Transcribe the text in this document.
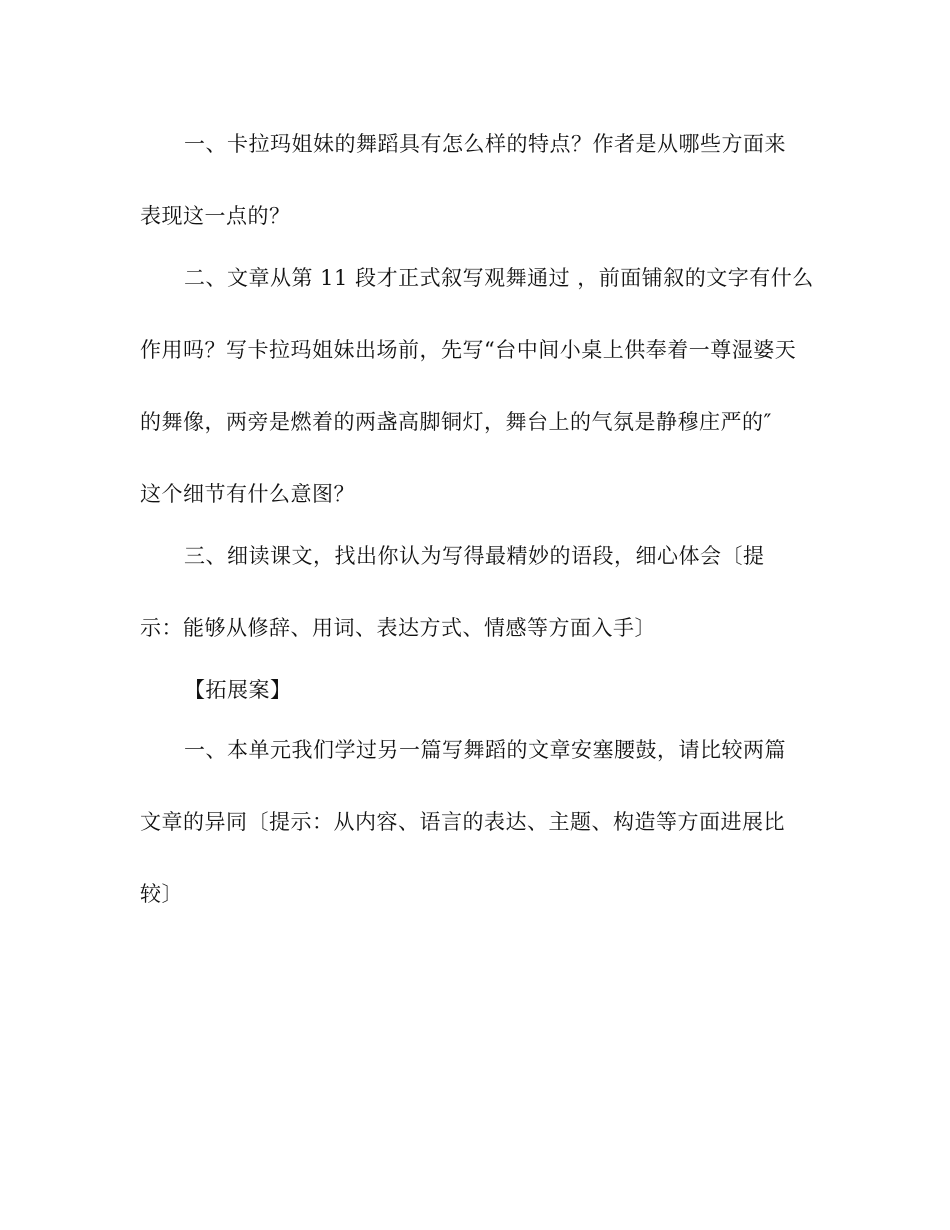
一、卡拉玛姐妹的舞蹈具有怎么样的特点？作者是从哪些方面来
表现这一点的？
二、文章从第 11 段才正式叙写观舞通过 ，前面铺叙的文字有什么
作用吗？写卡拉玛姐妹出场前，先写“台中间小桌上供奉着一尊湿婆天
的舞像，两旁是燃着的两盏高脚铜灯，舞台上的气氛是静穆庄严的″
这个细节有什么意图？
三、细读课文，找出你认为写得最精妙的语段，细心体会〔提
示：能够从修辞、用词、表达方式、情感等方面入手〕
【拓展案】
一、本单元我们学过另一篇写舞蹈的文章安塞腰鼓，请比较两篇
文章的异同〔提示：从内容、语言的表达、主题、构造等方面进展比
较〕
